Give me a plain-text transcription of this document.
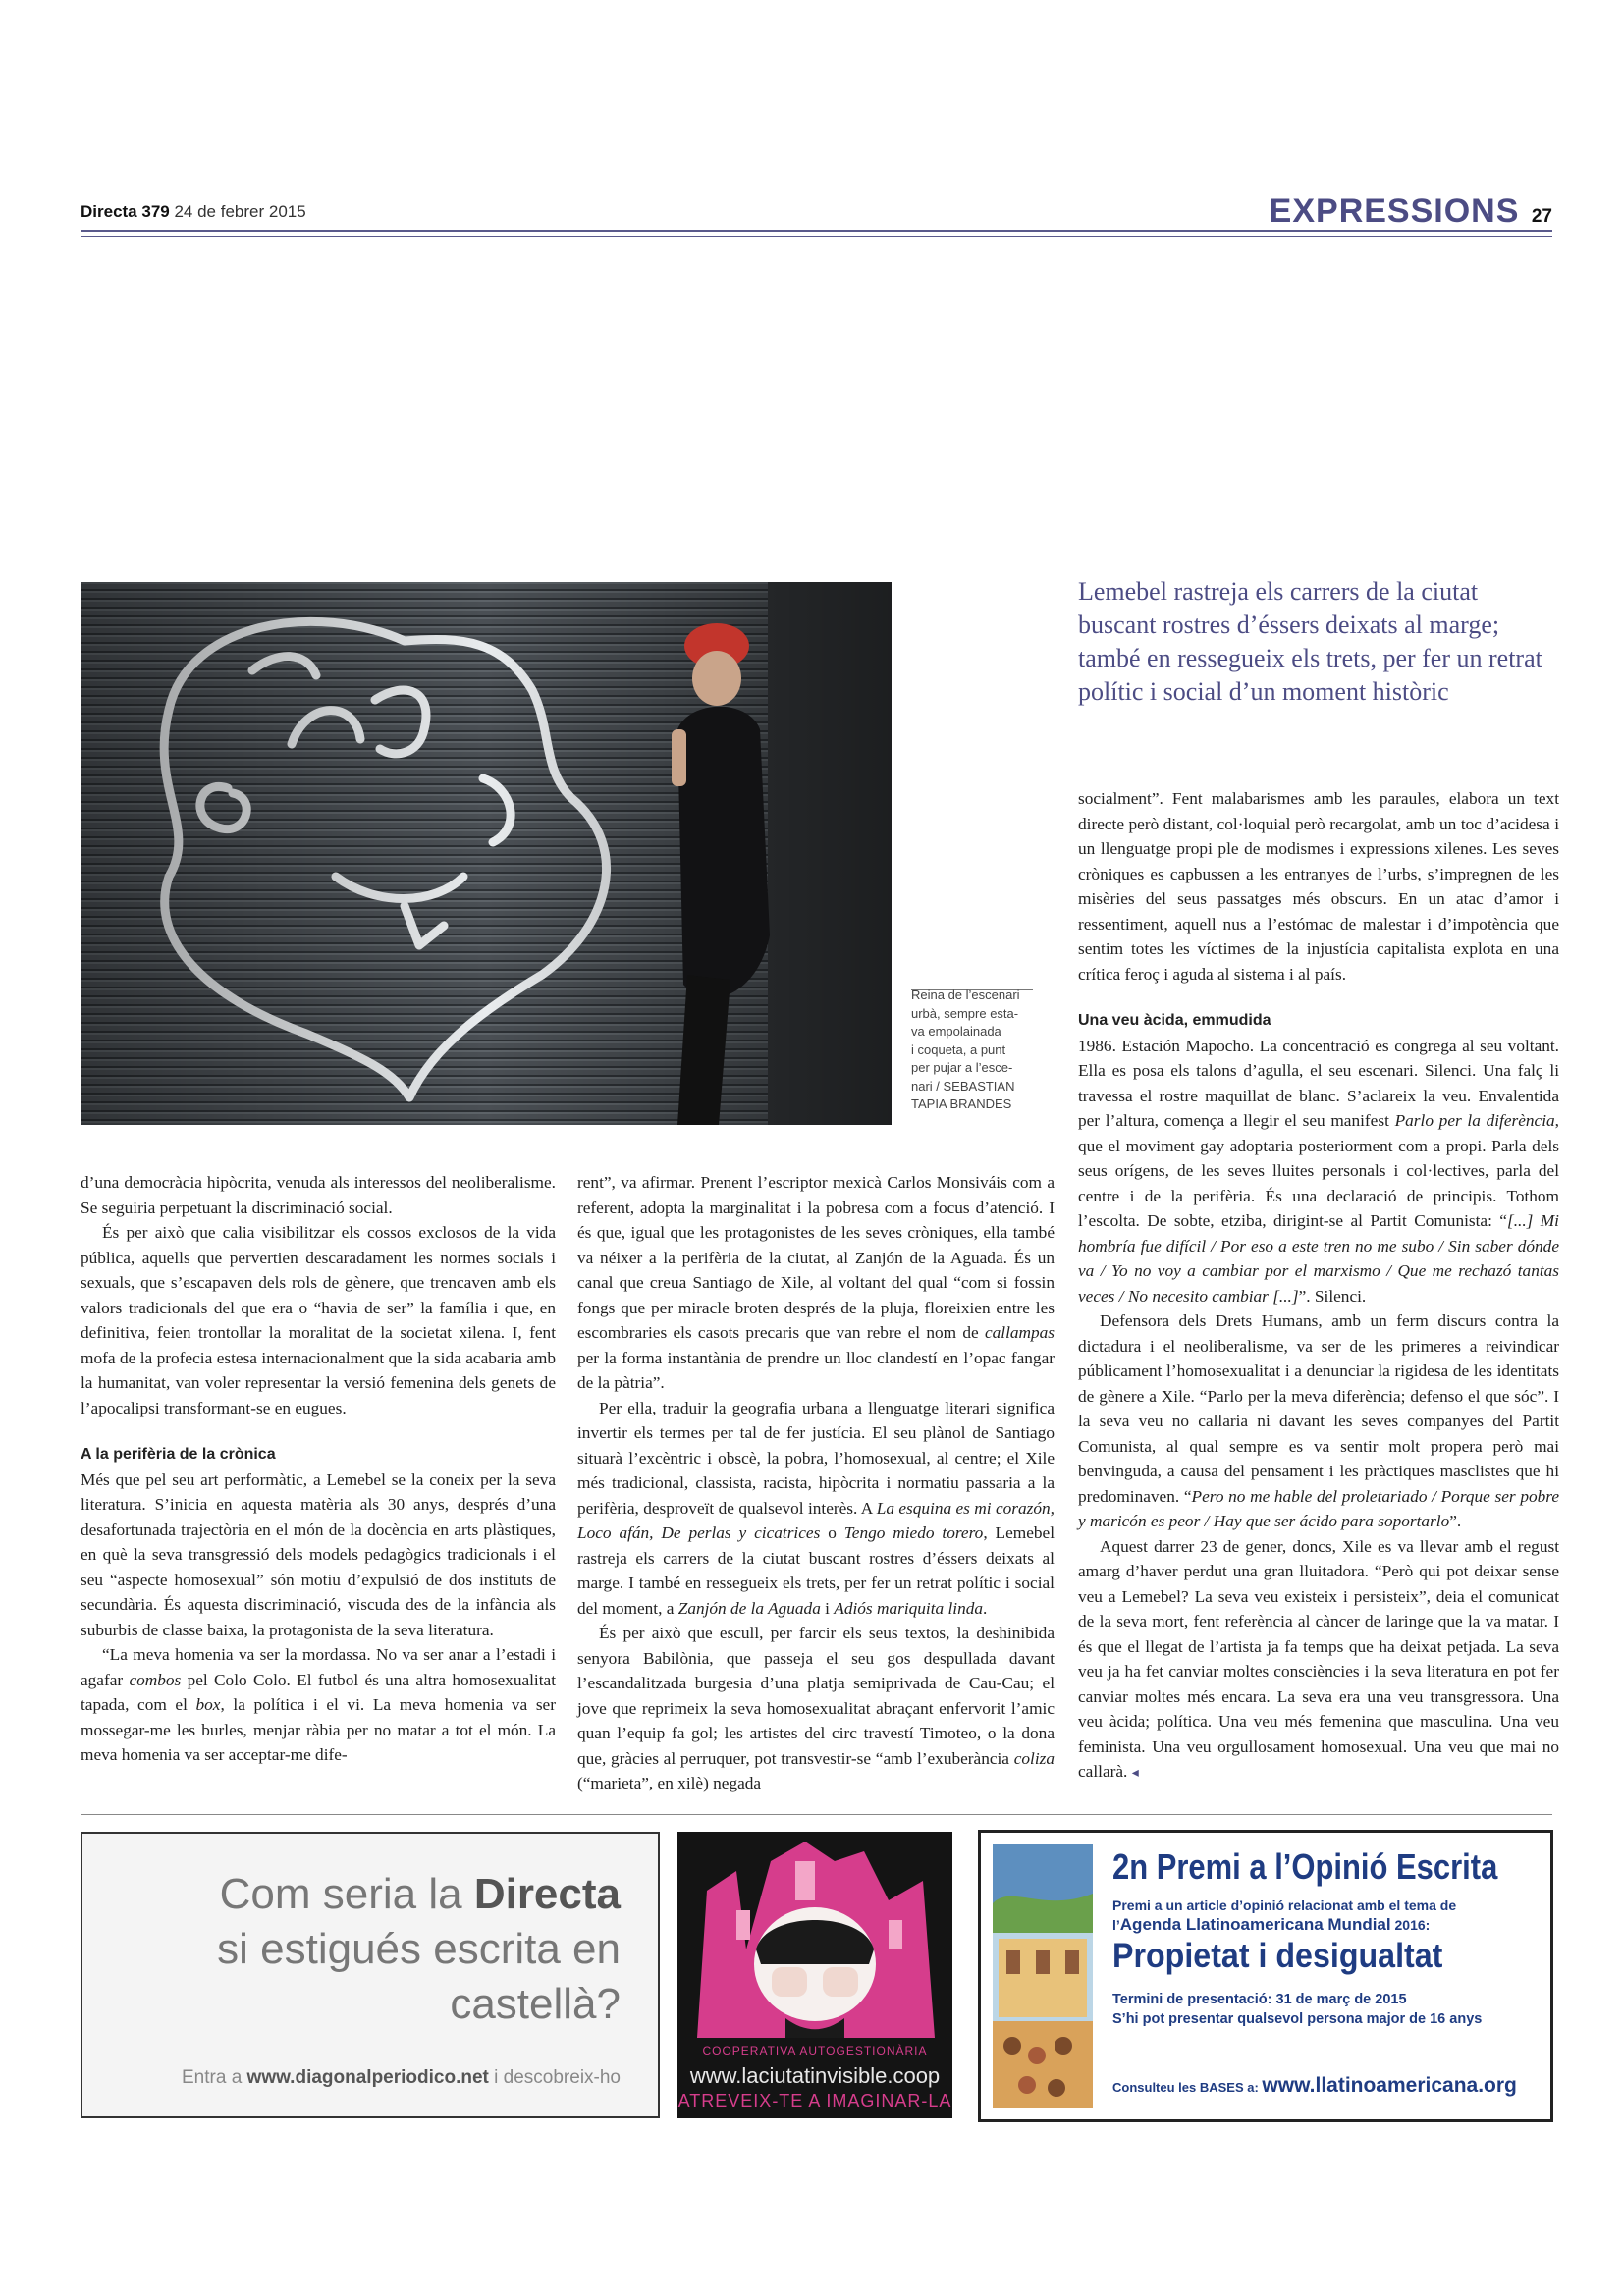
Directa 379 24 de febrer 2015	EXPRESSIONS 27
Reina de l’escenari
urbà, sempre esta-
va empolainada
i coqueta, a punt
per pujar a l’esce-
nari / SEBASTIAN
TAPIA BRANDES
Lemebel rastreja els carrers de la ciutat buscant rostres d’éssers deixats al marge; també en ressegueix els trets, per fer un retrat polític i social d’un moment històric

d’una democràcia hipòcrita, venuda als interessos del neoliberalisme. Se seguiria perpetuant la discriminació social.

És per això que calia visibilitzar els cossos exclosos de la vida pública, aquells que pervertien descaradament les normes socials i sexuals, que s’escapaven dels rols de gènere, que trencaven amb els valors tradicionals del que era o “havia de ser” la família i que, en definitiva, feien trontollar la moralitat de la societat xilena. I, fent mofa de la profecia estesa internacionalment que la sida acabaria amb la humanitat, van voler representar la versió femenina dels genets de l’apocalipsi transformant-se en eugues.

A la perifèria de la crònica

Més que pel seu art performàtic, a Lemebel se la coneix per la seva literatura. S’inicia en aquesta matèria als 30 anys, després d’una desafortunada trajectòria en el món de la docència en arts plàstiques, en què la seva transgressió dels models pedagògics tradicionals i el seu “aspecte homosexual” són motiu d’expulsió de dos instituts de secundària. És aquesta discriminació, viscuda des de la infància als suburbis de classe baixa, la protagonista de la seva literatura.

“La meva homenia va ser la mordassa. No va ser anar a l’estadi i agafar combos pel Colo Colo. El futbol és una altra homosexualitat tapada, com el box, la política i el vi. La meva homenia va ser mossegar-me les burles, menjar ràbia per no matar a tot el món. La meva homenia va ser acceptar-me dife-

rent”, va afirmar. Prenent l’escriptor mexicà Carlos Monsiváis com a referent, adopta la marginalitat i la pobresa com a focus d’atenció. I és que, igual que les protagonistes de les seves cròniques, ella també va néixer a la perifèria de la ciutat, al Zanjón de la Aguada. És un canal que creua Santiago de Xile, al voltant del qual “com si fossin fongs que per miracle broten després de la pluja, floreixien entre les escombraries els casots precaris que van rebre el nom de callampas per la forma instantània de prendre un lloc clandestí en l’opac fangar de la pàtria”.

Per ella, traduir la geografia urbana a llenguatge literari significa invertir els termes per tal de fer justícia. El seu plànol de Santiago situarà l’excèntric i obscè, la pobra, l’homosexual, al centre; el Xile més tradicional, classista, racista, hipòcrita i normatiu passaria a la perifèria, desproveït de qualsevol interès. A La esquina es mi corazón, Loco afán, De perlas y cicatrices o Tengo miedo torero, Lemebel rastreja els carrers de la ciutat buscant rostres d’éssers deixats al marge. I també en ressegueix els trets, per fer un retrat polític i social del moment, a Zanjón de la Aguada i Adiós mariquita linda.

És per això que escull, per farcir els seus textos, la deshinibida senyora Babilònia, que passeja el seu gos despullada davant l’escandalitzada burgesia d’una platja semiprivada de Cau-Cau; el jove que reprimeix la seva homosexualitat abraçant enfervorit l’amic quan l’equip fa gol; les artistes del circ travestí Timoteo, o la dona que, gràcies al perruquer, pot transvestir-se “amb l’exuberància coliza (“marieta”, en xilè) negada

socialment”. Fent malabarismes amb les paraules, elabora un text directe però distant, col·loquial però recargolat, amb un toc d’acidesa i un llenguatge propi ple de modismes i expressions xilenes. Les seves cròniques es capbussen a les entranyes de l’urbs, s’impregnen de les misèries del seus passatges més obscurs. En un atac d’amor i ressentiment, aquell nus a l’estómac de malestar i d’impotència que sentim totes les víctimes de la injustícia capitalista explota en una crítica feroç i aguda al sistema i al país.

Una veu àcida, emmudida

1986. Estación Mapocho. La concentració es congrega al seu voltant. Ella es posa els talons d’agulla, el seu escenari. Silenci. Una falç li travessa el rostre maquillat de blanc. S’aclareix la veu. Envalentida per l’altura, comença a llegir el seu manifest Parlo per la diferència, que el moviment gay adoptaria posteriorment com a propi. Parla dels seus orígens, de les seves lluites personals i col·lectives, parla del centre i de la perifèria. És una declaració de principis. Tothom l’escolta. De sobte, etziba, dirigint-se al Partit Comunista: “[...] Mi hombría fue difícil / Por eso a este tren no me subo / Sin saber dónde va / Yo no voy a cambiar por el marxismo / Que me rechazó tantas veces / No necesito cambiar [...]”. Silenci.

Defensora dels Drets Humans, amb un ferm discurs contra la dictadura i el neoliberalisme, va ser de les primeres a reivindicar públicament l’homosexualitat i a denunciar la rigidesa de les identitats de gènere a Xile. “Parlo per la meva diferència; defenso el que sóc”. I la seva veu no callaria ni davant les seves companyes del Partit Comunista, al qual sempre es va sentir molt propera però mai benvinguda, a causa del pensament i les pràctiques masclistes que hi predominaven. “Pero no me hable del proletariado / Porque ser pobre y maricón es peor / Hay que ser ácido para soportarlo”.

Aquest darrer 23 de gener, doncs, Xile es va llevar amb el regust amarg d’haver perdut una gran lluitadora. “Però qui pot deixar sense veu a Lemebel? La seva veu existeix i persisteix”, deia el comunicat de la seva mort, fent referència al càncer de laringe que la va matar. I és que el llegat de l’artista ja fa temps que ha deixat petjada. La seva veu ja ha fet canviar moltes consciències i la seva literatura en pot fer canviar moltes més encara. La seva era una veu transgressora. Una veu àcida; política. Una veu més femenina que masculina. Una veu feminista. Una veu orgullosament homosexual. Una veu que mai no callarà. ◂

Com seria la Directa
si estigués escrita en
castellà?
Entra a www.diagonalperiodico.net i descobreix-ho
COOPERATIVA AUTOGESTIONÀRIA
www.laciutatinvisible.coop
ATREVEIX-TE A IMAGINAR-LA
2n Premi a l’Opinió Escrita
Premi a un article d’opinió relacionat amb el tema de
l’Agenda Llatinoamericana Mundial 2016:
Propietat i desigualtat
Termini de presentació: 31 de març de 2015
S’hi pot presentar qualsevol persona major de 16 anys
Consulteu les BASES a: www.llatinoamericana.org
